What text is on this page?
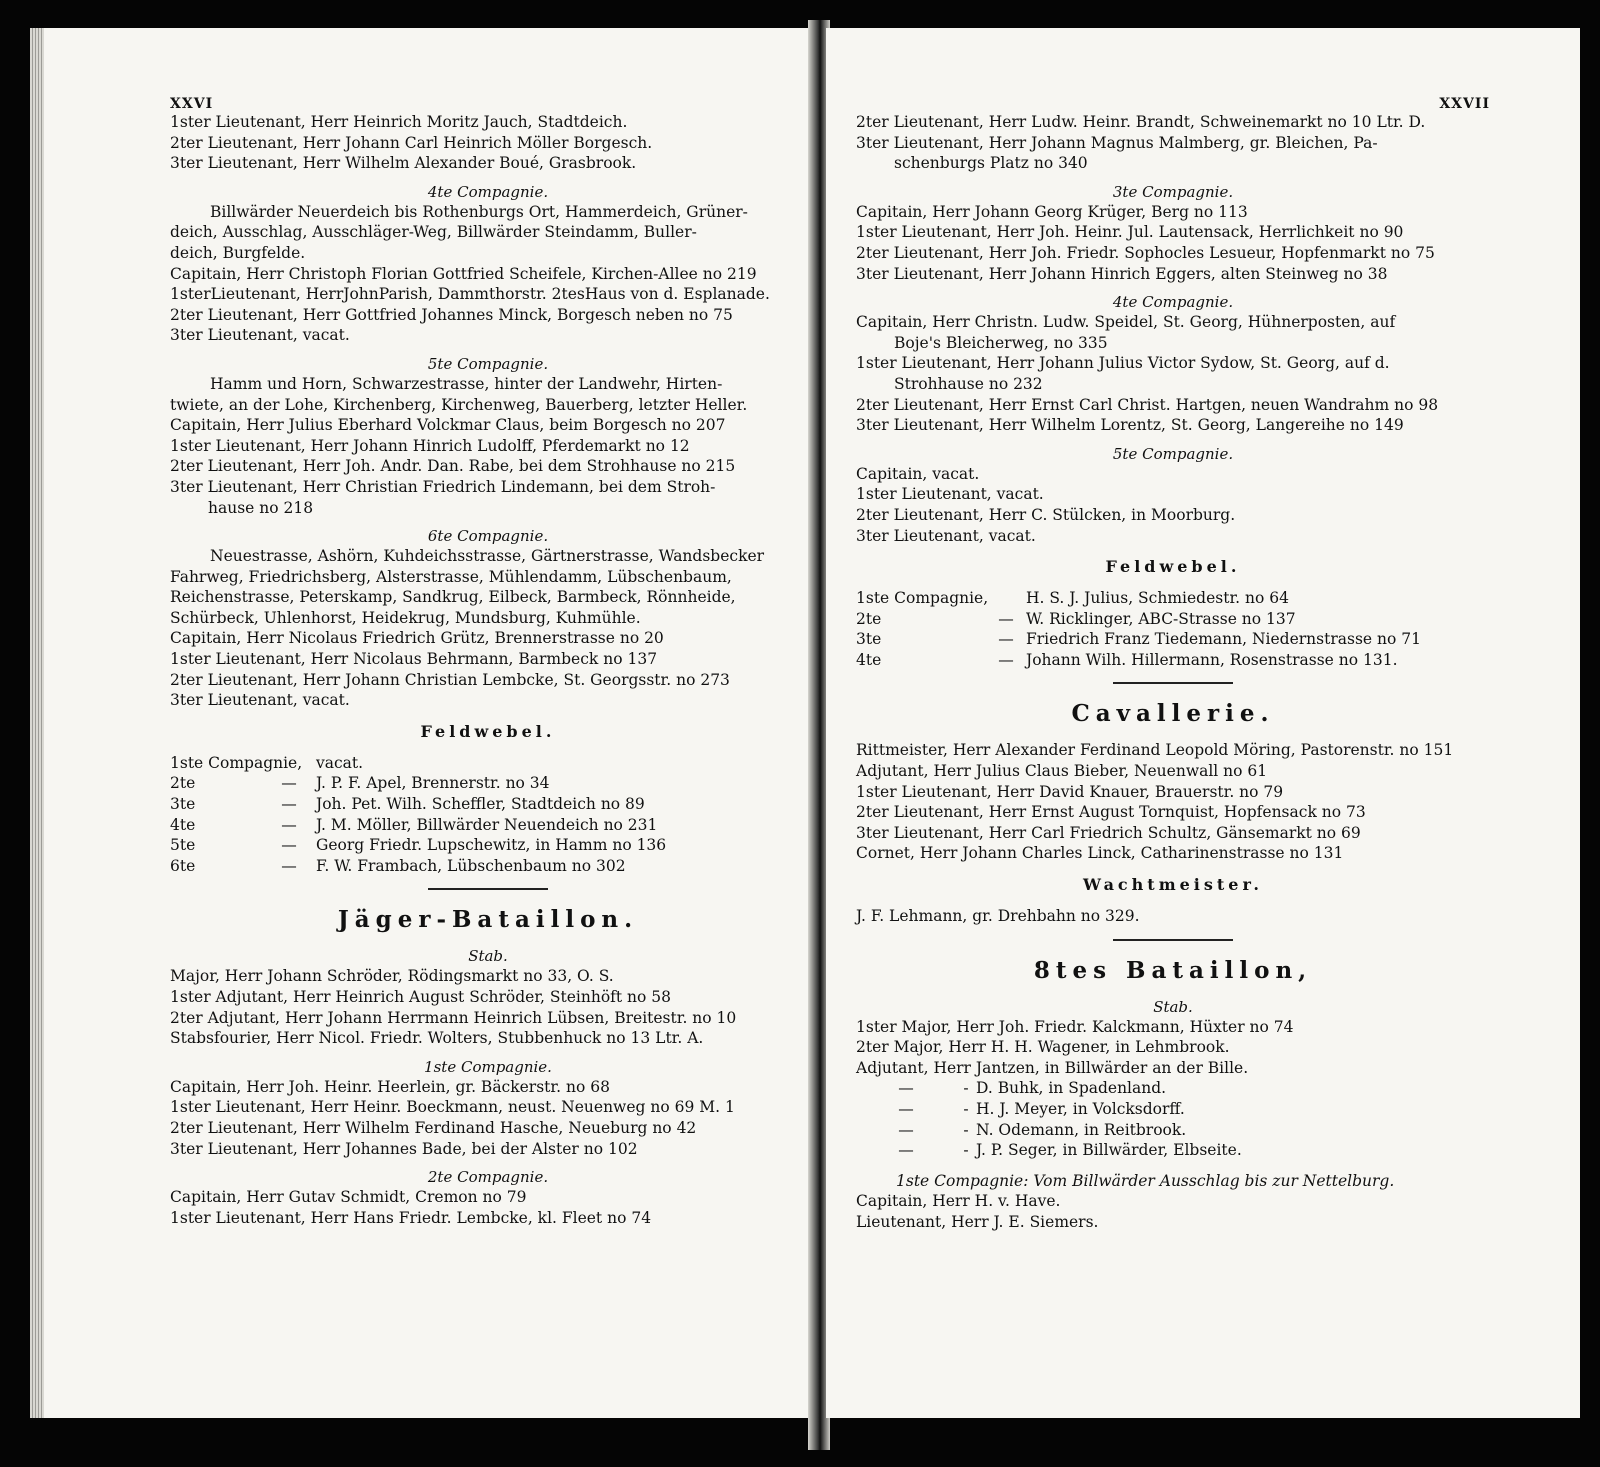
XXVI
1ster Lieutenant, Herr Heinrich Moritz Jauch, Stadtdeich.
2ter Lieutenant, Herr Johann Carl Heinrich Möller Borgesch.
3ter Lieutenant, Herr Wilhelm Alexander Boué, Grasbrook.
4te Compagnie.
Billwärder Neuerdeich bis Rothenburgs Ort, Hammerdeich, Grüner-
deich, Ausschlag, Ausschläger-Weg, Billwärder Steindamm, Buller-
deich, Burgfelde.
Capitain, Herr Christoph Florian Gottfried Scheifele, Kirchen-Allee no 219
1sterLieutenant, HerrJohnParish, Dammthorstr. 2tesHaus von d. Esplanade.
2ter Lieutenant, Herr Gottfried Johannes Minck, Borgesch neben no 75
3ter Lieutenant, vacat.
5te Compagnie.
Hamm und Horn, Schwarzestrasse, hinter der Landwehr, Hirten-
twiete, an der Lohe, Kirchenberg, Kirchenweg, Bauerberg, letzter Heller.
Capitain, Herr Julius Eberhard Volckmar Claus, beim Borgesch no 207
1ster Lieutenant, Herr Johann Hinrich Ludolff, Pferdemarkt no 12
2ter Lieutenant, Herr Joh. Andr. Dan. Rabe, bei dem Strohhause no 215
3ter Lieutenant, Herr Christian Friedrich Lindemann, bei dem Stroh-
hause no 218
6te Compagnie.
Neuestrasse, Ashörn, Kuhdeichsstrasse, Gärtnerstrasse, Wandsbecker
Fahrweg, Friedrichsberg, Alsterstrasse, Mühlendamm, Lübschenbaum,
Reichenstrasse, Peterskamp, Sandkrug, Eilbeck, Barmbeck, Rönnheide,
Schürbeck, Uhlenhorst, Heidekrug, Mundsburg, Kuhmühle.
Capitain, Herr Nicolaus Friedrich Grütz, Brennerstrasse no 20
1ster Lieutenant, Herr Nicolaus Behrmann, Barmbeck no 137
2ter Lieutenant, Herr Johann Christian Lembcke, St. Georgsstr. no 273
3ter Lieutenant, vacat.
Feldwebel.
1ste Compagnie, vacat.
2te	—	J. P. F. Apel, Brennerstr. no 34
3te	—	Joh. Pet. Wilh. Scheffler, Stadtdeich no 89
4te	—	J. M. Möller, Billwärder Neuendeich no 231
5te	—	Georg Friedr. Lupschewitz, in Hamm no 136
6te	—	F. W. Frambach, Lübschenbaum no 302
Jäger-Bataillon.
Stab.
Major, Herr Johann Schröder, Rödingsmarkt no 33, O. S.
1ster Adjutant, Herr Heinrich August Schröder, Steinhöft no 58
2ter Adjutant, Herr Johann Herrmann Heinrich Lübsen, Breitestr. no 10
Stabsfourier, Herr Nicol. Friedr. Wolters, Stubbenhuck no 13 Ltr. A.
1ste Compagnie.
Capitain, Herr Joh. Heinr. Heerlein, gr. Bäckerstr. no 68
1ster Lieutenant, Herr Heinr. Boeckmann, neust. Neuenweg no 69 M. 1
2ter Lieutenant, Herr Wilhelm Ferdinand Hasche, Neueburg no 42
3ter Lieutenant, Herr Johannes Bade, bei der Alster no 102
2te Compagnie.
Capitain, Herr Gutav Schmidt, Cremon no 79
1ster Lieutenant, Herr Hans Friedr. Lembcke, kl. Fleet no 74
XXVII
2ter Lieutenant, Herr Ludw. Heinr. Brandt, Schweinemarkt no 10 Ltr. D.
3ter Lieutenant, Herr Johann Magnus Malmberg, gr. Bleichen, Pa-
schenburgs Platz no 340
3te Compagnie.
Capitain, Herr Johann Georg Krüger, Berg no 113
1ster Lieutenant, Herr Joh. Heinr. Jul. Lautensack, Herrlichkeit no 90
2ter Lieutenant, Herr Joh. Friedr. Sophocles Lesueur, Hopfenmarkt no 75
3ter Lieutenant, Herr Johann Hinrich Eggers, alten Steinweg no 38
4te Compagnie.
Capitain, Herr Christn. Ludw. Speidel, St. Georg, Hühnerposten, auf
Boje's Bleicherweg, no 335
1ster Lieutenant, Herr Johann Julius Victor Sydow, St. Georg, auf d.
Strohhause no 232
2ter Lieutenant, Herr Ernst Carl Christ. Hartgen, neuen Wandrahm no 98
3ter Lieutenant, Herr Wilhelm Lorentz, St. Georg, Langereihe no 149
5te Compagnie.
Capitain, vacat.
1ster Lieutenant, vacat.
2ter Lieutenant, Herr C. Stülcken, in Moorburg.
3ter Lieutenant, vacat.
Feldwebel.
1ste Compagnie, H. S. J. Julius, Schmiedestr. no 64
2te	— W. Ricklinger, ABC-Strasse no 137
3te	— Friedrich Franz Tiedemann, Niedernstrasse no 71
4te	— Johann Wilh. Hillermann, Rosenstrasse no 131.
Cavallerie.
Rittmeister, Herr Alexander Ferdinand Leopold Möring, Pastorenstr. no 151
Adjutant, Herr Julius Claus Bieber, Neuenwall no 61
1ster Lieutenant, Herr David Knauer, Brauerstr. no 79
2ter Lieutenant, Herr Ernst August Tornquist, Hopfensack no 73
3ter Lieutenant, Herr Carl Friedrich Schultz, Gänsemarkt no 69
Cornet, Herr Johann Charles Linck, Catharinenstrasse no 131
Wachtmeister.
J. F. Lehmann, gr. Drehbahn no 329.
8tes Bataillon,
Stab.
1ster Major, Herr Joh. Friedr. Kalckmann, Hüxter no 74
2ter Major, Herr H. H. Wagener, in Lehmbrook.
Adjutant, Herr Jantzen, in Billwärder an der Bille.
—	- D. Buhk, in Spadenland.
—	- H. J. Meyer, in Volcksdorff.
—	- N. Odemann, in Reitbrook.
—	- J. P. Seger, in Billwärder, Elbseite.
1ste Compagnie: Vom Billwärder Ausschlag bis zur Nettelburg.
Capitain, Herr H. v. Have.
Lieutenant, Herr J. E. Siemers.
